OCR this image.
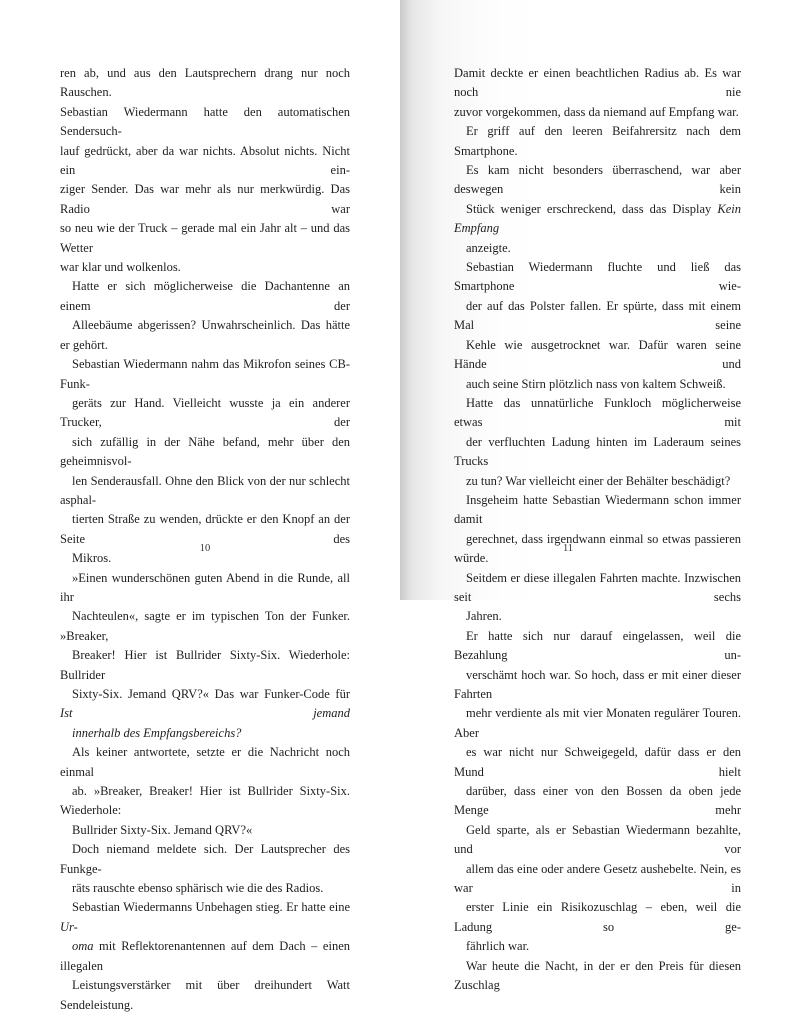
ren ab, und aus den Lautsprechern drang nur noch Rauschen.
Sebastian Wiedermann hatte den automatischen Sendersuch-
lauf gedrückt, aber da war nichts. Absolut nichts. Nicht ein ein-
ziger Sender. Das war mehr als nur merkwürdig. Das Radio war
so neu wie der Truck – gerade mal ein Jahr alt – und das Wetter
war klar und wolkenlos.

Hatte er sich möglicherweise die Dachantenne an einem der
Alleebäume abgerissen? Unwahrscheinlich. Das hätte er gehört.

Sebastian Wiedermann nahm das Mikrofon seines CB-Funk-
geräts zur Hand. Vielleicht wusste ja ein anderer Trucker, der
sich zufällig in der Nähe befand, mehr über den geheimnisvol-
len Senderausfall. Ohne den Blick von der nur schlecht asphal-
tierten Straße zu wenden, drückte er den Knopf an der Seite des
Mikros.

»Einen wunderschönen guten Abend in die Runde, all ihr
Nachteulen«, sagte er im typischen Ton der Funker. »Breaker,
Breaker! Hier ist Bullrider Sixty-Six. Wiederhole: Bullrider
Sixty-Six. Jemand QRV?« Das war Funker-Code für Ist jemand
innerhalb des Empfangsbereichs?

Als keiner antwortete, setzte er die Nachricht noch einmal
ab. »Breaker, Breaker! Hier ist Bullrider Sixty-Six. Wiederhole:
Bullrider Sixty-Six. Jemand QRV?«

Doch niemand meldete sich. Der Lautsprecher des Funkge-
räts rauschte ebenso sphärisch wie die des Radios.

Sebastian Wiedermanns Unbehagen stieg. Er hatte eine Ur-
oma mit Reflektorenantennen auf dem Dach – einen illegalen
Leistungsverstärker mit über dreihundert Watt Sendeleistung.

10

Damit deckte er einen beachtlichen Radius ab. Es war noch nie
zuvor vorgekommen, dass da niemand auf Empfang war.

Er griff auf den leeren Beifahrersitz nach dem Smartphone.
Es kam nicht besonders überraschend, war aber deswegen kein
Stück weniger erschreckend, dass das Display Kein Empfang
anzeigte.

Sebastian Wiedermann fluchte und ließ das Smartphone wie-
der auf das Polster fallen. Er spürte, dass mit einem Mal seine
Kehle wie ausgetrocknet war. Dafür waren seine Hände und
auch seine Stirn plötzlich nass von kaltem Schweiß.

Hatte das unnatürliche Funkloch möglicherweise etwas mit
der verfluchten Ladung hinten im Laderaum seines Trucks
zu tun? War vielleicht einer der Behälter beschädigt?

Insgeheim hatte Sebastian Wiedermann schon immer damit
gerechnet, dass irgendwann einmal so etwas passieren würde.
Seitdem er diese illegalen Fahrten machte. Inzwischen seit sechs
Jahren.

Er hatte sich nur darauf eingelassen, weil die Bezahlung un-
verschämt hoch war. So hoch, dass er mit einer dieser Fahrten
mehr verdiente als mit vier Monaten regulärer Touren. Aber
es war nicht nur Schweigegeld, dafür dass er den Mund hielt
darüber, dass einer von den Bossen da oben jede Menge mehr
Geld sparte, als er Sebastian Wiedermann bezahlte, und vor
allem das eine oder andere Gesetz aushebelte. Nein, es war in
erster Linie ein Risikozuschlag – eben, weil die Ladung so ge-
fährlich war.

War heute die Nacht, in der er den Preis für diesen Zuschlag

11
